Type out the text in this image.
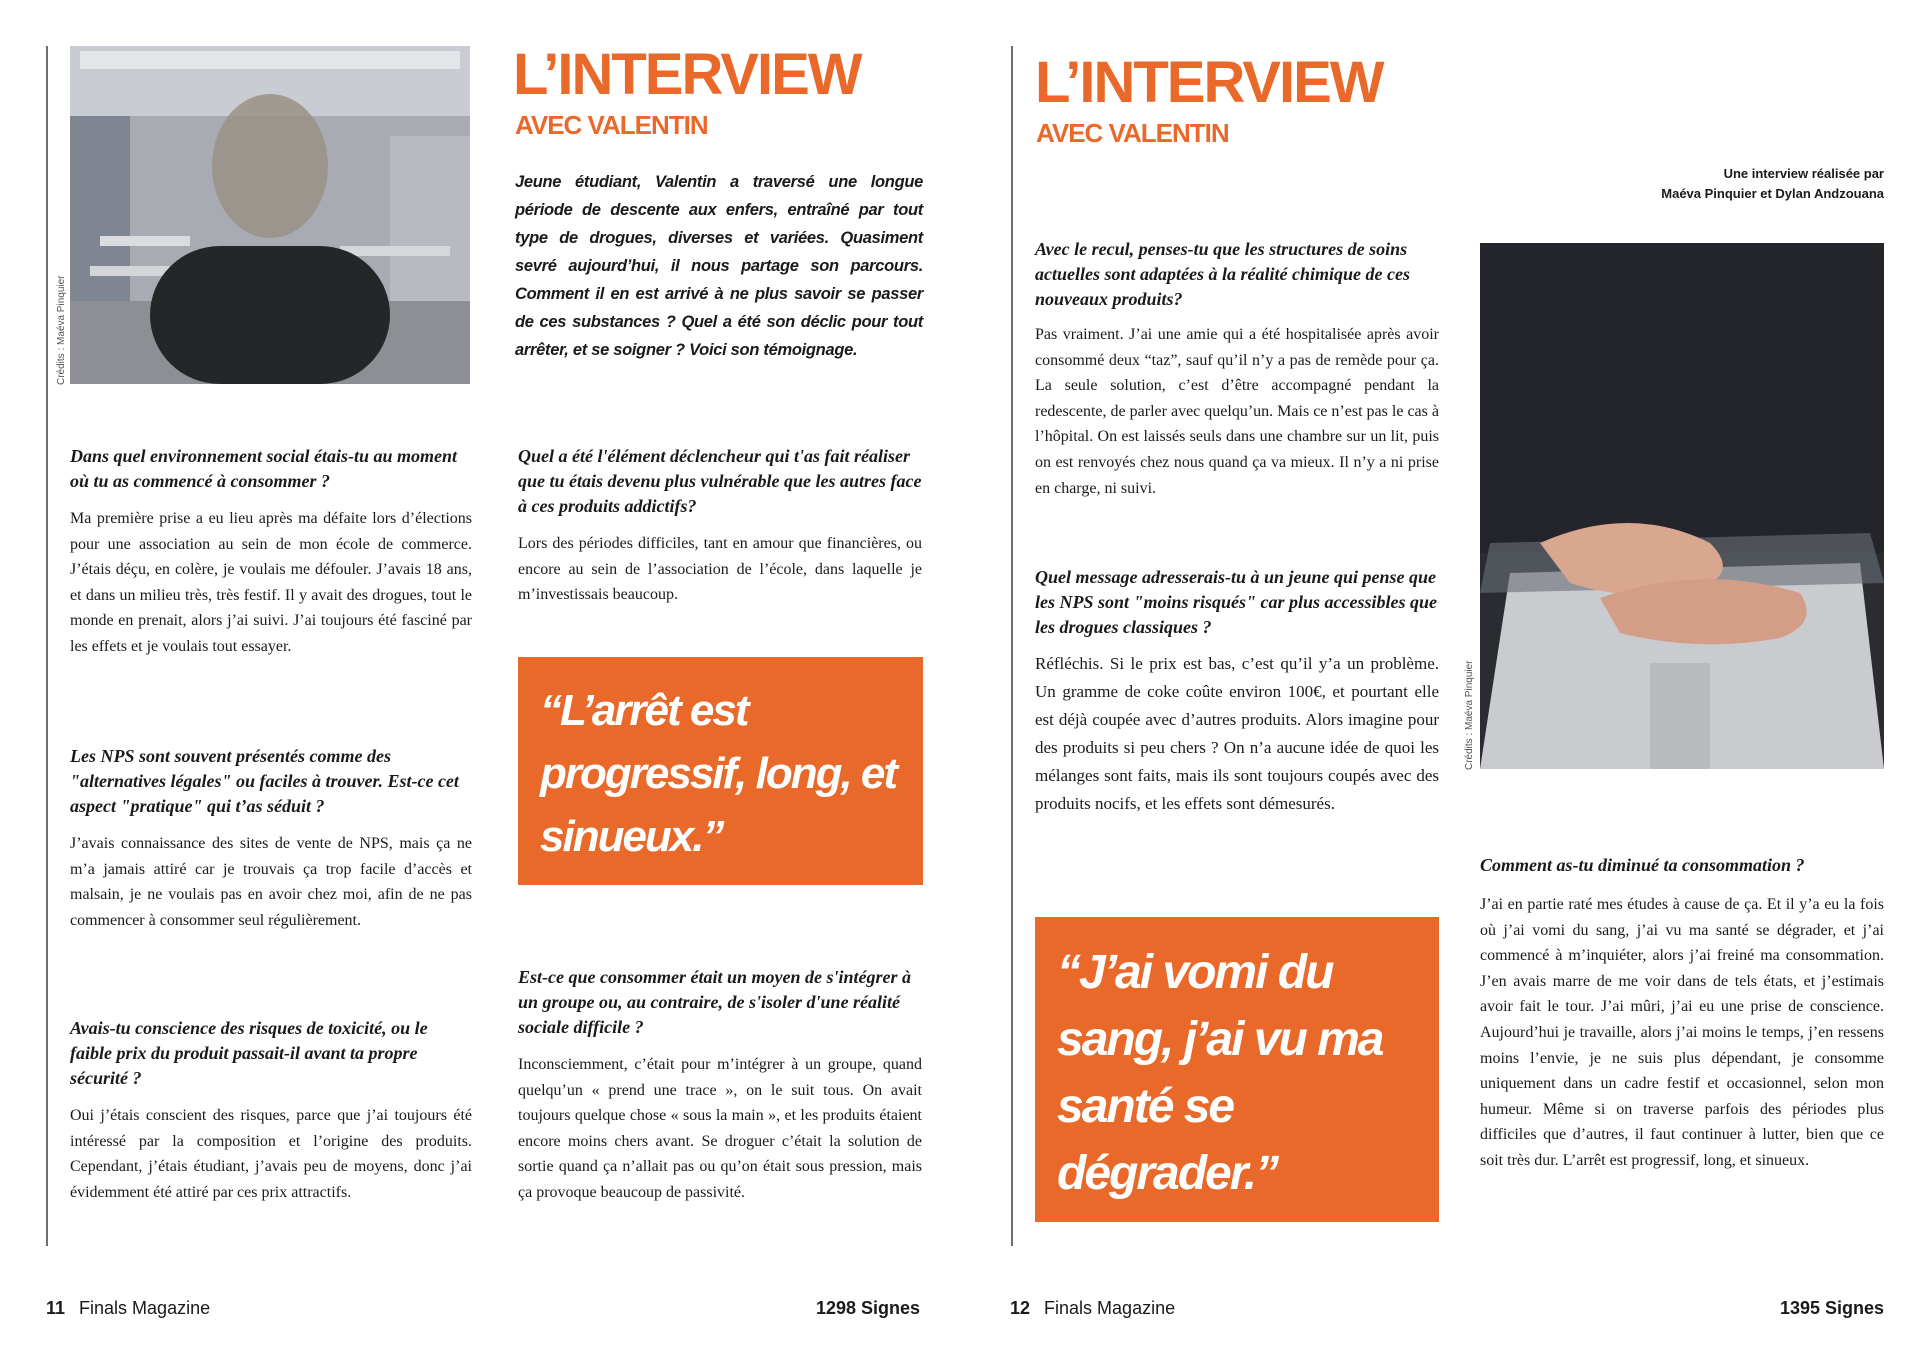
Crédits : Maéva Pinquier
L’INTERVIEW
AVEC VALENTIN

Jeune étudiant, Valentin a traversé une longue période de descente aux enfers, entraîné par tout type de drogues, diverses et variées. Quasiment sevré aujourd’hui, il nous partage son parcours. Comment il en est arrivé à ne plus savoir se passer de ces substances ? Quel a été son déclic pour tout arrêter, et se soigner ? Voici son témoignage.

Dans quel environnement social étais-tu au moment où tu as commencé à consommer ?

Ma première prise a eu lieu après ma défaite lors d’élections pour une association au sein de mon école de commerce. J’étais déçu, en colère, je voulais me défouler. J’avais 18 ans, et dans un milieu très, très festif. Il y avait des drogues, tout le monde en prenait, alors j’ai suivi. J’ai toujours été fasciné par les effets et je voulais tout essayer.

Les NPS sont souvent présentés comme des "alternatives légales" ou faciles à trouver. Est-ce cet aspect "pratique" qui t’as séduit ?

J’avais connaissance des sites de vente de NPS, mais ça ne m’a jamais attiré car je trouvais ça trop facile d’accès et malsain, je ne voulais pas en avoir chez moi, afin de ne pas commencer à consommer seul régulièrement.

Avais-tu conscience des risques de toxicité, ou le faible prix du produit passait-il avant ta propre sécurité ?

Oui j’étais conscient des risques, parce que j’ai toujours été intéressé par la composition et l’origine des produits. Cependant, j’étais étudiant, j’avais peu de moyens, donc j’ai évidemment été attiré par ces prix attractifs.

Quel a été l'élément déclencheur qui t'as fait réaliser que tu étais devenu plus vulnérable que les autres face à ces produits addictifs?

Lors des périodes difficiles, tant en amour que financières, ou encore au sein de l’association de l’école, dans laquelle je m’investissais beaucoup.

“L’arrêt est progressif, long, et sinueux.”

Est-ce que consommer était un moyen de s'intégrer à un groupe ou, au contraire, de s'isoler d'une réalité sociale difficile ?

Inconsciemment, c’était pour m’intégrer à un groupe, quand quelqu’un « prend une trace », on le suit tous. On avait toujours quelque chose « sous la main », et les produits étaient encore moins chers avant. Se droguer c’était la solution de sortie quand ça n’allait pas ou qu’on était sous pression, mais ça provoque beaucoup de passivité.

11 Finals Magazine	1298 Signes
L’INTERVIEW
AVEC VALENTIN

Une interview réalisée par

Maéva Pinquier et Dylan Andzouana

Avec le recul, penses-tu que les structures de soins actuelles sont adaptées à la réalité chimique de ces nouveaux produits?

Pas vraiment. J’ai une amie qui a été hospitalisée après avoir consommé deux “taz”, sauf qu’il n’y a pas de remède pour ça. La seule solution, c’est d’être accompagné pendant la redescente, de parler avec quelqu’un. Mais ce n’est pas le cas à l’hôpital. On est laissés seuls dans une chambre sur un lit, puis on est renvoyés chez nous quand ça va mieux. Il n’y a ni prise en charge, ni suivi.

Quel message adresserais-tu à un jeune qui pense que les NPS sont "moins risqués" car plus accessibles que les drogues classiques ?

Réfléchis. Si le prix est bas, c’est qu’il y’a un problème. Un gramme de coke coûte environ 100€, et pourtant elle est déjà coupée avec d’autres produits. Alors imagine pour des produits si peu chers ? On n’a aucune idée de quoi les mélanges sont faits, mais ils sont toujours coupés avec des produits nocifs, et les effets sont démesurés.

“J’ai vomi du sang, j’ai vu ma santé se dégrader.”
Crédits : Maéva Pinquier

Comment as-tu diminué ta consommation ?

J’ai en partie raté mes études à cause de ça. Et il y’a eu la fois où j’ai vomi du sang, j’ai vu ma santé se dégrader, et j’ai commencé à m’inquiéter, alors j’ai freiné ma consommation. J’en avais marre de me voir dans de tels états, et j’estimais avoir fait le tour. J’ai mûri, j’ai eu une prise de conscience. Aujourd’hui je travaille, alors j’ai moins le temps, j’en ressens moins l’envie, je ne suis plus dépendant, je consomme uniquement dans un cadre festif et occasionnel, selon mon humeur. Même si on traverse parfois des périodes plus difficiles que d’autres, il faut continuer à lutter, bien que ce soit très dur. L’arrêt est progressif, long, et sinueux.

12 Finals Magazine	1395 Signes
